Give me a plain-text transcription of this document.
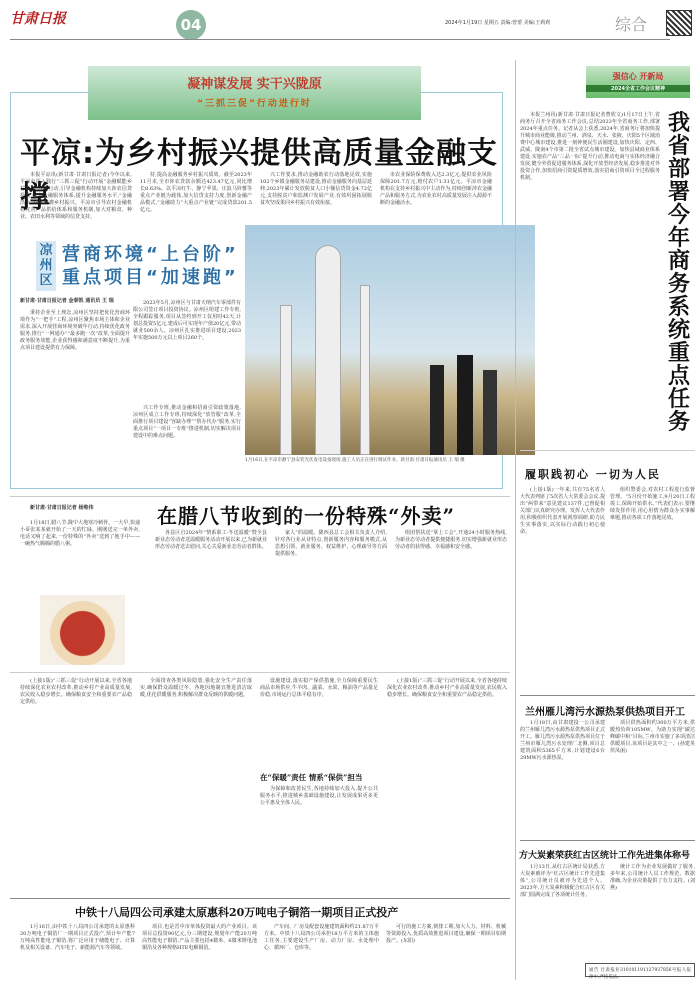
甘肃日报	04	2024年1月19日 星期五 责编:曾蕾 美编:王莉莉	综合
凝神谋发展 实干兴陇原
“三抓三促”行动进行时
平凉:为乡村振兴提供高质量金融支撑
本报平凉讯(新甘肃·甘肃日报记者)今年以来,平凉市深入践行“三抓三促”行动开展“金融赋能乡村振兴”专项行动,引导金融机构持续加大涉农信贷投放,健全金融服务体系,提升金融服务水平,“金融活水”持续滴灌乡村振兴。平凉市引导农村金融机构完善产品供给体系和服务机制,加大对粮食、种业、农田水利等领域的信贷支持。
持,提高金融服务乡村振兴质效。截至2023年11月末,全市涉农贷款余额达423.47亿元,同比增长8.63%。以平凉红牛、静宁苹果、庄浪马铃薯等重点产业链为载体,加大信贷支持力度,创新金融产品模式,“金融助力”大重点产业链”完成贷款201.5亿元。
兴工作要求,推动金融助农行动落地见效,实施102个乡镇金融服务站建设,推动金融服务向基层延伸,2023年累计发放脱贫人口小额信贷资金4.72亿元,支持脱贫户和监测户发展产业,有效巩固拓展脱贫攻坚成果同乡村振兴有效衔接。
市农业保险保费收入达2.3亿元,提供农业风险保障201.7万元,赔付农户1.31亿元。平凉市金融机构在支持乡村振兴中主动作为,持续创新涉农金融产品和服务方式,为农业农村高质量发展注入源源不断的金融活水。
凉州区
营商环境“上台阶”
重点项目“加速跑”
新甘肃·甘肃日报记者 金泰凯 通讯员 王 瑞
秉持企业至上理念,凉州区坚持把优化营商环境作为“一把手”工程,凉州区聚焦市场主体和企业需求,深入开展营商环境突破年行动,持续优化政务服务,推行“一网通办”“最多跑一次”改革,全面提升政务服务效能,企业获得感和满意度不断提升,为重点项目建设提供有力保障。
2023年5月,凉州区与甘肃天纳汽车零部件有限公司签订项目投资协议。凉州区组建工作专班,全程跟踪服务,项目从签约到开工仅用时42天,计划总投资5亿元,建成后可实现年产值20亿元,带动就业500余人。凉州区扎实推进项目建设,2023年实施500万元以上项目260个。
兴工作专班,推动金融和招商引资政策落地,凉州区成立工作专班,持续深化“放管服”改革,全面推行项目建设“容缺办理”“帮办代办”服务,实行重点项目“一项目一专班”推进机制,切实解决项目建设中的难点问题。
1月16日,在平凉市静宁县安装光伏发电设备现场,施工人员正在进行调试作业。新甘肃·甘肃日报通讯员 王 瑞 摄
强信心 开新局
2024全省工作会议精神
我省部署今年商务系统重点任务
本报兰州讯(新甘肃·甘肃日报记者曹欣文)1月17日上午,省商务厅召开全省商务工作会议,总结2023年全省商务工作,部署2024年重点任务。记者从会上获悉,2024年,省商务厅将加快提升城市商业能级,推动兰州、酒泉、天水、张掖、庆阳5个区域消费中心城市建设,推进一刻钟便民生活圈建设,加快庆阳、定西、武威、陇南4个市第二批全省试点城市建设。加快县域商业体系建设,实施农产品“三品一标”提升行动,推动电商与实体经济融合发展,健全外贸促进服务体系,深化开放型经济发展,稳步推进对外投资合作,加快招商引资提质增效,落实招商引资项目全过程服务机制。
履职践初心 一切为人民
(上接1版)一年来,共有75名省人大代表列席了5次省人大常委会会议,提出“两带来”意见建议137件,已督促相关部门认真研究办理。发挥人大代表作用,积极组织代表开展视察调研,助力民生实事落实,以实际行动践行初心使命。
组织警委会,对农村工程进行监督管理。“5月份开始施工,9月20日工程竣工,保障开始供水。”代表们表示,要继续发挥作用,用心用情为群众办实事解难题,推动各项工作落地见效。
兰州雁儿湾污水源热泵供热项目开工
1月18日,由甘肃建投一公司承建的兰州雁儿湾污水源热泵供热项目正式开工。雁儿湾污水源热泵供热项目位于兰州市雁儿湾污水处理厂北侧,项目总建筑面积5365平方米,计划建设6台29MW污水源热泵。
项目供热面积约300万平方米,供暖热负荷105MW。为助力实现“碳达峰碳中和”目标,兰州市实施了多项清洁供暖项目,该项目是其中之一。(孙建英 侯凤丽)
方大炭素荣获红古区统计工作先进集体称号
1月13日,从红古区统计局获悉,方大炭素被评为“红古区统计工作先进集体”,公司统计员被评为先进个人。2023年,方大炭素积极配合红古区有关部门圆满完成了各项统计任务。
统计工作为企业发展做好了服务,多年来,公司统计人员工作规范、数据准确,为企业决策提供了有力支持。(刘燕)
通告 甘肃报业310101191127937856号报人报律中,严格依法。
新甘肃·甘肃日报记者 杨唯伟	在腊八节收到的一份特殊“外卖”
1月18日,腊八节,陇中大地寒冷刺骨。一大早,快递小哥张某某就开始了一天的忙碌。刚刚送完一单外卖,电话又响了起来,一份特殊的“外卖”送到了他手中——一碗热气腾腾的腊八粥。
各县区自2024年“情系职工·冬送温暖”暨全县新业态劳动者送温暖服务活动开展以来,已为新就业形态劳动者送去慰问,关心关爱新业态劳动者群体。
家人”的温暖。陇西县总工会相关负责人介绍,针对各行业从业特点,创新服务内容和服务模式,从思想引领、就业服务、权益维护、心理疏导等方面提供服务。
组团帮扶送“掌上工会”,开通24小时服务热线,为新业态劳动者提供便捷服务,切实增强新就业形态劳动者的获得感、幸福感和安全感。
(上接1版)“三抓三促”行动开展以来,全省各地持续深化农业农村改革,推动乡村产业高质量发展,农民收入稳步增长。确保粮食安全和重要农产品稳定供给。
全面排查各类风险隐患,强化安全生产责任落实,确保群众温暖过冬。各地因地制宜推进清洁取暖,优化供暖服务,积极解决群众反映的供暖问题。
设施建设,落实稳产保供措施,全力保障重要民生商品市场供应,牛羊肉、蔬菜、水果、粮油等产品量足价稳,市场运行总体平稳有序。
在“保暖”责任 情系“保供”担当
为保障和改善民生,各地持续加大投入,提升公共服务水平,推进城乡基础设施建设,让发展成果更多更公平惠及全体人民。
(上接1版)“三抓三促”行动开展以来,全省各地持续深化农业农村改革,推动乡村产业高质量发展,农民收入稳步增长。确保粮食安全和重要农产品稳定供给。
中铁十八局四公司承建太原惠科20万吨电子铜箔一期项目正式投产
1月16日,由中铁十八局四公司承建的太原惠科20万吨电子铜箔厂一期项目正式投产,预计年产能7万吨高性能电子铜箔,将广泛应用于储能电子、计算机及相关设备、汽车电子、新能源汽车等领域。
项目,也是晋中市单体投资最大的产业项目。该项目总投资90亿元,分三期建设,规划年产能20万吨高性能电子铜箔,产品主要包括4微米、6微米锂电池铜箔及各种规格HTE电解铜箔。
产车间、厂房及配套设施建筑面积约21.87万平方米。中铁十八局四公司承担18万平方米的主体施工任务,主要建设生产厂房、动力厂房、水处理中心、循环厂、仓库等。
可行的施工方案,倒排工期,加大人力、材料、机械等资源投入,优质高效推进项目建设,确保一期项目如期投产。(东阳)
